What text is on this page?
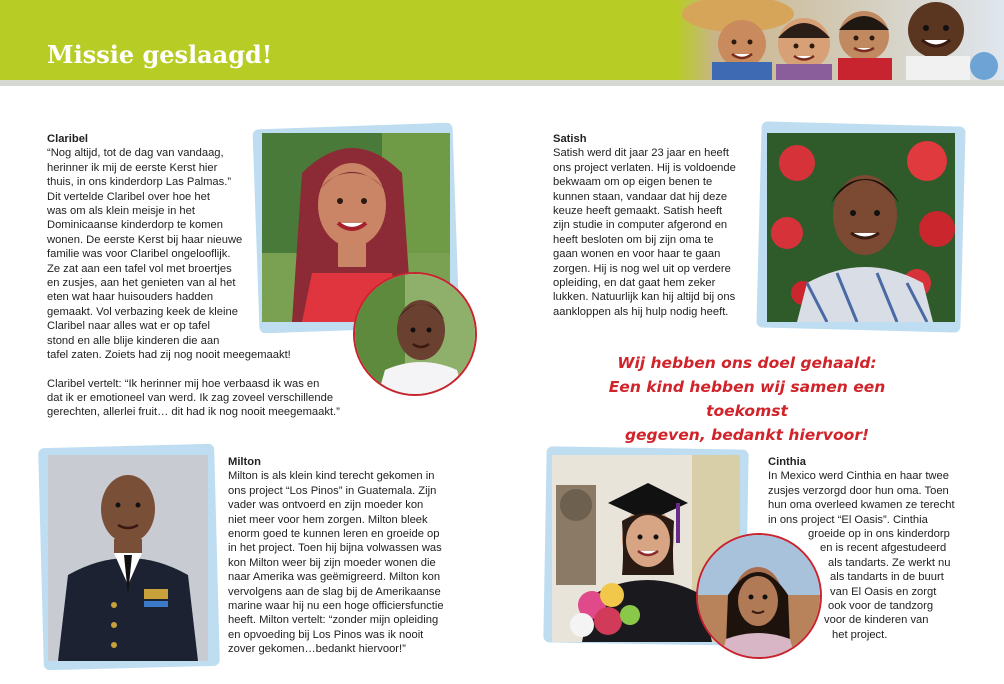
Missie geslaagd!
Claribel

“Nog altijd, tot de dag van vandaag,

herinner ik mij de eerste Kerst hier

thuis, in ons kinderdorp Las Palmas.”

Dit vertelde Claribel over hoe het

was om als klein meisje in het

Dominicaanse kinderdorp te komen

wonen. De eerste Kerst bij haar nieuwe

familie was voor Claribel ongelooflijk.

Ze zat aan een tafel vol met broertjes

en zusjes, aan het genieten van al het

eten wat haar huisouders hadden

gemaakt. Vol verbazing keek de kleine

Claribel naar alles wat er op tafel

stond en alle blije kinderen die aan

tafel zaten. Zoiets had zij nog nooit meegemaakt!

Claribel vertelt: “Ik herinner mij hoe verbaasd ik was en

dat ik er emotioneel van werd. Ik zag zoveel verschillende

gerechten, allerlei fruit… dit had ik nog nooit meegemaakt.”

Satish

Satish werd dit jaar 23 jaar en heeft

ons project verlaten. Hij is voldoende

bekwaam om op eigen benen te

kunnen staan, vandaar dat hij deze

keuze heeft gemaakt. Satish heeft

zijn studie in computer afgerond en

heeft besloten om bij zijn oma te

gaan wonen en voor haar te gaan

zorgen. Hij is nog wel uit op verdere

opleiding, en dat gaat hem zeker

lukken. Natuurlijk kan hij altijd bij ons

aankloppen als hij hulp nodig heeft.

Wij hebben ons doel gehaald:
Een kind hebben wij samen een toekomst
gegeven, bedankt hiervoor!
Milton

Milton is als klein kind terecht gekomen in

ons project “Los Pinos” in Guatemala. Zijn

vader was ontvoerd en zijn moeder kon

niet meer voor hem zorgen. Milton bleek

enorm goed te kunnen leren en groeide op

in het project. Toen hij bijna volwassen was

kon Milton weer bij zijn moeder wonen die

naar Amerika was geëmigreerd. Milton kon

vervolgens aan de slag bij de Amerikaanse

marine waar hij nu een hoge officiersfunctie

heeft. Milton vertelt: “zonder mijn opleiding

en opvoeding bij Los Pinos was ik nooit

zover gekomen…bedankt hiervoor!”

Cinthia

In Mexico werd Cinthia en haar twee

zusjes verzorgd door hun oma. Toen

hun oma overleed kwamen ze terecht

in ons project “El Oasis”. Cinthia

groeide op in ons kinderdorp

en is recent afgestudeerd

als tandarts. Ze werkt nu

als tandarts in de buurt

van El Oasis en zorgt

ook voor de tandzorg

voor de kinderen van

het project.
